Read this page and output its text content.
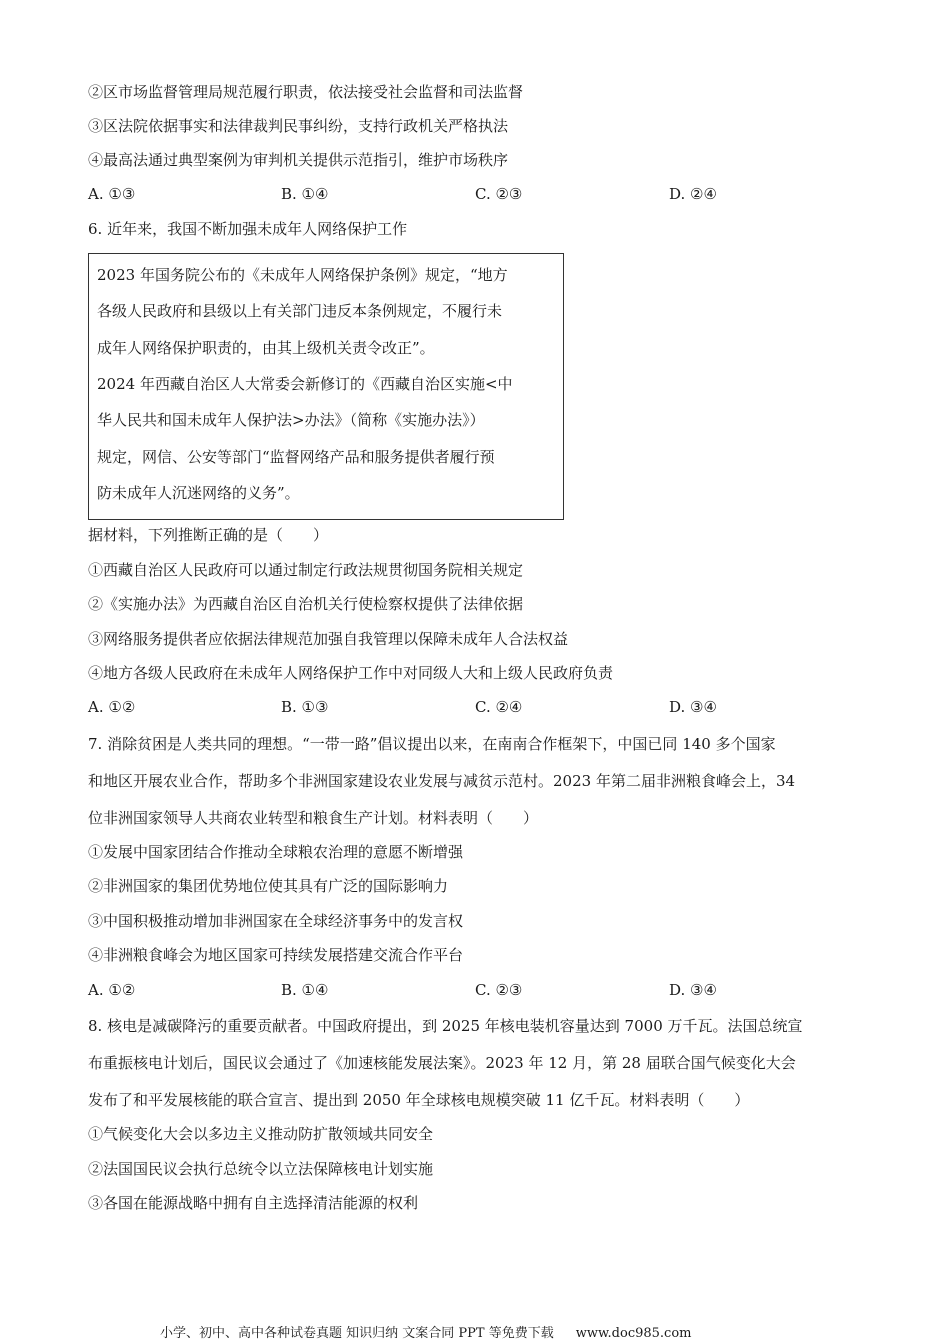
②区市场监督管理局规范履行职责，依法接受社会监督和司法监督
③区法院依据事实和法律裁判民事纠纷，支持行政机关严格执法
④最高法通过典型案例为审判机关提供示范指引，维护市场秩序
A. ①③	B. ①④	C. ②③	D. ②④
6. 近年来，我国不断加强未成年人网络保护工作
2023 年国务院公布的《未成年人网络保护条例》规定，“地方
各级人民政府和县级以上有关部门违反本条例规定，不履行未
成年人网络保护职责的，由其上级机关责令改正”。
2024 年西藏自治区人大常委会新修订的《西藏自治区实施<中
华人民共和国未成年人保护法>办法》（简称《实施办法》）
规定，网信、公安等部门“监督网络产品和服务提供者履行预
防未成年人沉迷网络的义务”。
据材料，下列推断正确的是（　　）
①西藏自治区人民政府可以通过制定行政法规贯彻国务院相关规定
②《实施办法》为西藏自治区自治机关行使检察权提供了法律依据
③网络服务提供者应依据法律规范加强自我管理以保障未成年人合法权益
④地方各级人民政府在未成年人网络保护工作中对同级人大和上级人民政府负责
A. ①②	B. ①③	C. ②④	D. ③④
7. 消除贫困是人类共同的理想。“一带一路”倡议提出以来，在南南合作框架下，中国已同 140 多个国家
和地区开展农业合作，帮助多个非洲国家建设农业发展与减贫示范村。2023 年第二届非洲粮食峰会上，34
位非洲国家领导人共商农业转型和粮食生产计划。材料表明（　　）
①发展中国家团结合作推动全球粮农治理的意愿不断增强
②非洲国家的集团优势地位使其具有广泛的国际影响力
③中国积极推动增加非洲国家在全球经济事务中的发言权
④非洲粮食峰会为地区国家可持续发展搭建交流合作平台
A. ①②	B. ①④	C. ②③	D. ③④
8. 核电是减碳降污的重要贡献者。中国政府提出，到 2025 年核电装机容量达到 7000 万千瓦。法国总统宣
布重振核电计划后，国民议会通过了《加速核能发展法案》。2023 年 12 月，第 28 届联合国气候变化大会
发布了和平发展核能的联合宣言、提出到 2050 年全球核电规模突破 11 亿千瓦。材料表明（　　）
①气候变化大会以多边主义推动防扩散领域共同安全
②法国国民议会执行总统令以立法保障核电计划实施
③各国在能源战略中拥有自主选择清洁能源的权利
小学、初中、高中各种试卷真题 知识归纳 文案合同 PPT 等免费下载 www.doc985.com
